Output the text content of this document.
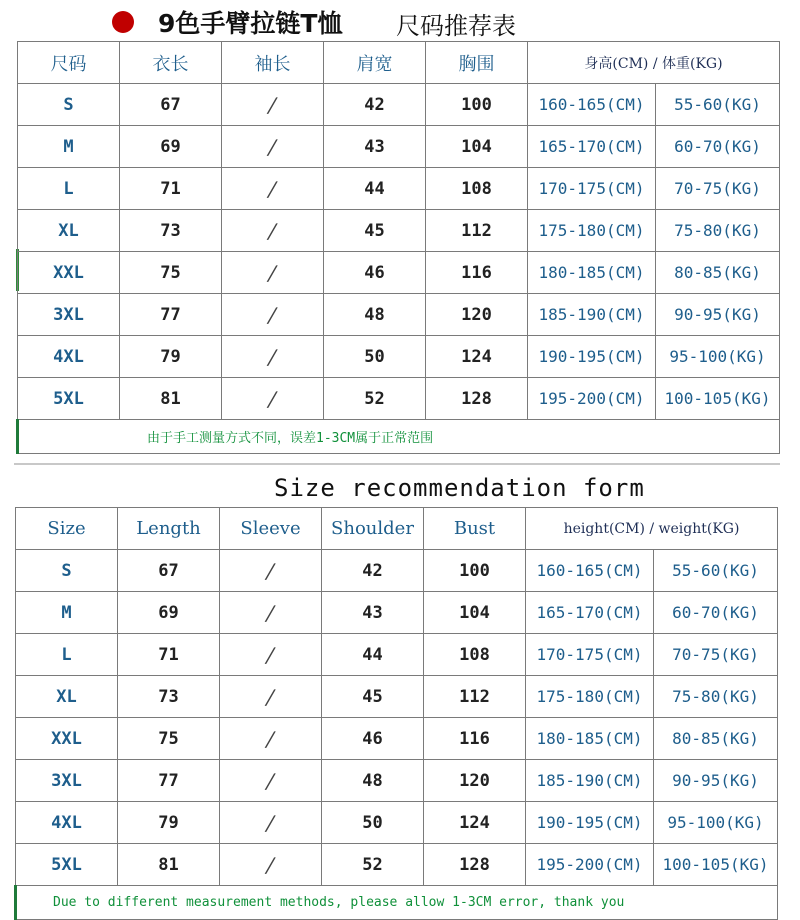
9色手臂拉链T恤 尺码推荐表
尺码	衣长	袖长	肩宽	胸围	身高(CM) / 体重(KG)	
S	67	/	42	100	160-165(CM)	55-60(KG)
M	69	/	43	104	165-170(CM)	60-70(KG)
L	71	/	44	108	170-175(CM)	70-75(KG)
XL	73	/	45	112	175-180(CM)	75-80(KG)
XXL	75	/	46	116	180-185(CM)	80-85(KG)
3XL	77	/	48	120	185-190(CM)	90-95(KG)
4XL	79	/	50	124	190-195(CM)	95-100(KG)
5XL	81	/	52	128	195-200(CM)	100-105(KG)
由于手工测量方式不同，误差1-3CM属于正常范围						
Size recommendation form
Size	Length	Sleeve	Shoulder	Bust	height(CM) / weight(KG)	
S	67	/	42	100	160-165(CM)	55-60(KG)
M	69	/	43	104	165-170(CM)	60-70(KG)
L	71	/	44	108	170-175(CM)	70-75(KG)
XL	73	/	45	112	175-180(CM)	75-80(KG)
XXL	75	/	46	116	180-185(CM)	80-85(KG)
3XL	77	/	48	120	185-190(CM)	90-95(KG)
4XL	79	/	50	124	190-195(CM)	95-100(KG)
5XL	81	/	52	128	195-200(CM)	100-105(KG)
Due to different measurement methods, please allow 1-3CM error, thank you						
